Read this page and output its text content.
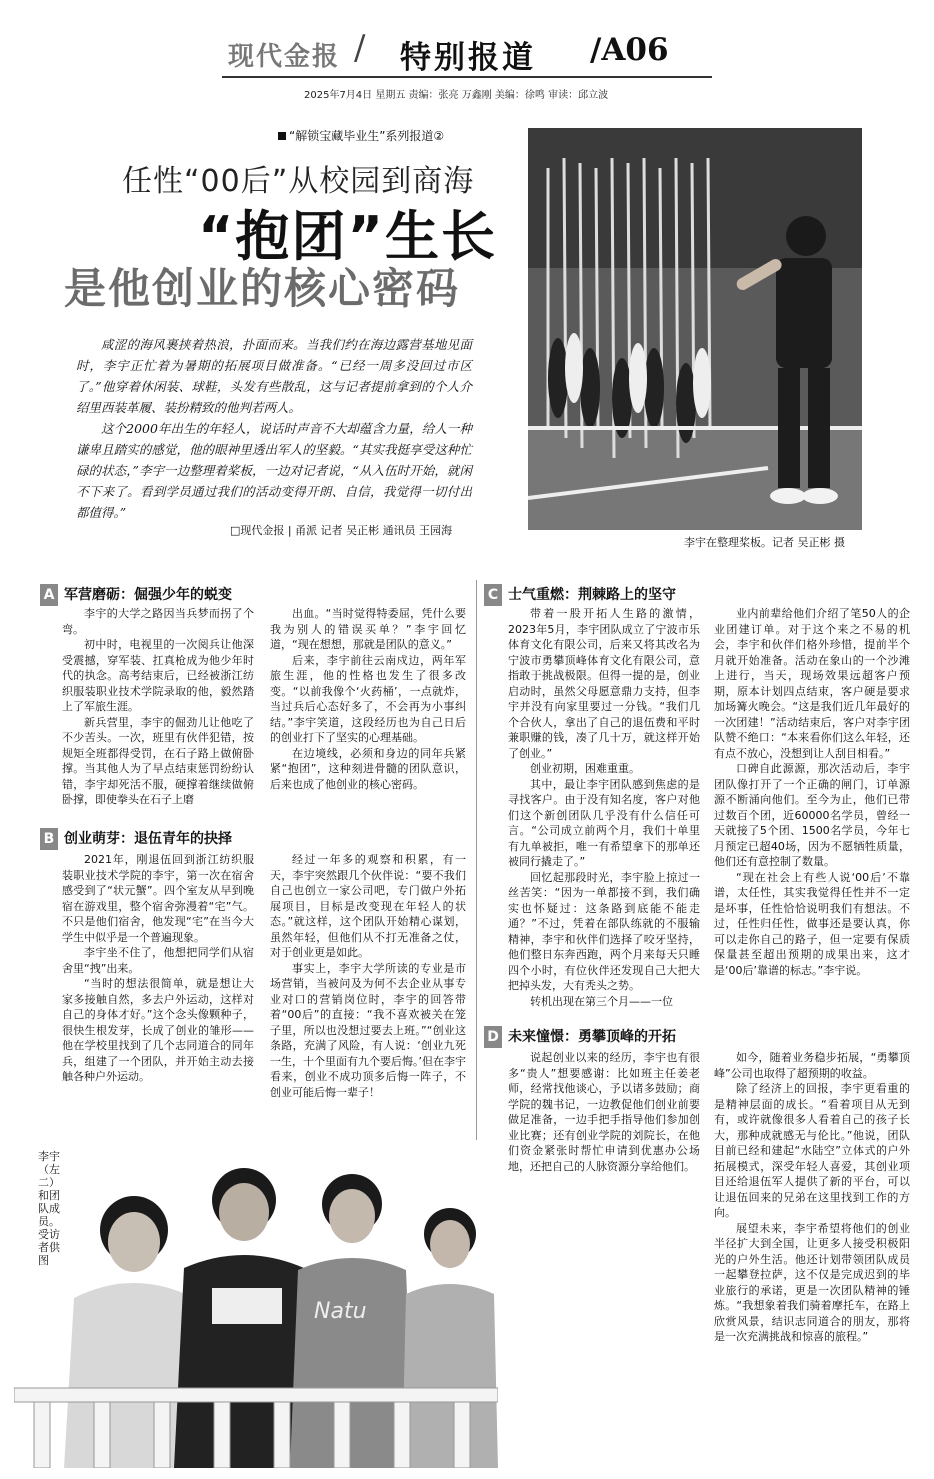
现代金报 / 特别报道 /A06
2025年7月4日 星期五 责编：张亮 万鑫刚 美编：徐鸣 审读：邱立波
“解锁宝藏毕业生”系列报道②
任性“00后”从校园到商海
“抱团”生长
是他创业的核心密码

咸涩的海风裹挟着热浪，扑面而来。当我们约在海边露营基地见面时，李宇正忙着为暑期的拓展项目做准备。“已经一周多没回过市区了。”他穿着休闲装、球鞋，头发有些散乱，这与记者提前拿到的个人介绍里西装革履、装扮精致的他判若两人。

这个2000年出生的年轻人，说话时声音不大却蕴含力量，给人一种谦卑且踏实的感觉，他的眼神里透出军人的坚毅。“其实我挺享受这种忙碌的状态，”李宇一边整理着桨板，一边对记者说，“从入伍时开始，就闲不下来了。看到学员通过我们的活动变得开朗、自信，我觉得一切付出都值得。”

□现代金报 | 甬派 记者 吴正彬 通讯员 王园海
李宇在整理桨板。记者 吴正彬 摄
A 军营磨砺：倔强少年的蜕变

李宇的大学之路因当兵梦而拐了个弯。

初中时，电视里的一次阅兵让他深受震撼，穿军装、扛真枪成为他少年时代的执念。高考结束后，已经被浙江纺织服装职业技术学院录取的他，毅然踏上了军旅生涯。

新兵营里，李宇的倔劲儿让他吃了不少苦头。一次，班里有伙伴犯错，按规矩全班都得受罚，在石子路上做俯卧撑。当其他人为了早点结束惩罚纷纷认错，李宇却死活不服，硬撑着继续做俯卧撑，即使拳头在石子上磨

出血。“当时觉得特委屈，凭什么要我为别人的错误买单？”李宇回忆道，“现在想想，那就是团队的意义。”

后来，李宇前往云南戍边，两年军旅生涯，他的性格也发生了很多改变。“以前我像个‘火药桶’，一点就炸，当过兵后心态好多了，不会再为小事纠结。”李宇笑道，这段经历也为自己日后的创业打下了坚实的心理基础。

在边境线，必须和身边的同年兵紧紧“抱团”，这种刻进骨髓的团队意识，后来也成了他创业的核心密码。

B 创业萌芽：退伍青年的抉择

2021年，刚退伍回到浙江纺织服装职业技术学院的李宇，第一次在宿舍感受到了“状元蟹”。四个室友从早到晚宿在游戏里，整个宿舍弥漫着“宅”气。不只是他们宿舍，他发现“宅”在当今大学生中似乎是一个普遍现象。

李宇坐不住了，他想把同学们从宿舍里“拽”出来。

“当时的想法很简单，就是想让大家多接触自然，多去户外运动，这样对自己的身体才好。”这个念头像颗种子，很快生根发芽，长成了创业的雏形——他在学校里找到了几个志同道合的同年兵，组建了一个团队，并开始主动去接触各种户外运动。

经过一年多的观察和积累，有一天，李宇突然跟几个伙伴说：“要不我们自己也创立一家公司吧，专门做户外拓展项目，目标是改变现在年轻人的状态。”就这样，这个团队开始精心谋划，虽然年轻，但他们从不打无准备之仗，对于创业更是如此。

事实上，李宇大学所读的专业是市场营销，当被问及为何不去企业从事专业对口的营销岗位时，李宇的回答带着“00后”的直接：“我不喜欢被关在笼子里，所以也没想过要去上班。”“创业这条路，充满了风险，有人说：‘创业九死一生，十个里面有九个要后悔。’但在李宇看来，创业不成功顶多后悔一阵子，不创业可能后悔一辈子！

C 士气重燃：荆棘路上的坚守

带着一股开拓人生路的激情，2023年5月，李宇团队成立了宁波市乐体育文化有限公司，后来又将其改名为宁波市勇攀顶峰体育文化有限公司，意指敢于挑战极限。但得一提的是，创业启动时，虽然父母愿意鼎力支持，但李宇并没有向家里要过一分钱。“我们几个合伙人，拿出了自己的退伍费和平时兼职赚的钱，凑了几十万，就这样开始了创业。”

创业初期，困难重重。

其中，最让李宇团队感到焦虑的是寻找客户。由于没有知名度，客户对他们这个新创团队几乎没有什么信任可言。“公司成立前两个月，我们十单里有九单被拒，唯一有希望拿下的那单还被同行撬走了。”

回忆起那段时光，李宇脸上掠过一丝苦笑：“因为一单都接不到，我们确实也怀疑过：这条路到底能不能走通？”不过，凭着在部队练就的不服输精神，李宇和伙伴们选择了咬牙坚持，他们整日东奔西跑，两个月来每天只睡四个小时，有位伙伴还发现自己大把大把掉头发，大有秃头之势。

转机出现在第三个月——一位

业内前辈给他们介绍了笔50人的企业团建订单。对于这个来之不易的机会，李宇和伙伴们格外珍惜，提前半个月就开始准备。活动在象山的一个沙滩上进行，当天，现场效果远超客户预期，原本计划四点结束，客户硬是要求加场篝火晚会。“这是我们近几年最好的一次团建！”活动结束后，客户对李宇团队赞不绝口：“本来看你们这么年轻，还有点不放心，没想到让人刮目相看。”

口碑自此源源，那次活动后，李宇团队像打开了一个正确的闸门，订单源源不断涌向他们。至今为止，他们已带过数百个团，近60000名学员，曾经一天就接了5个团、1500名学员，今年七月预定已超40场，因为不愿牺牲质量，他们还有意控制了数量。

“现在社会上有些人说‘00后’不靠谱，太任性，其实我觉得任性并不一定是坏事，任性恰恰说明我们有想法。不过，任性归任性，做事还是要认真，你可以走你自己的路子，但一定要有保质保量甚至超出预期的成果出来，这才是‘00后’靠谱的标志。”李宇说。

D 未来憧憬：勇攀顶峰的开拓

说起创业以来的经历，李宇也有很多“贵人”想要感谢：比如班主任姜老师，经常找他谈心，予以诸多鼓励；商学院的魏书记，一边教促他们创业前要做足准备，一边手把手指导他们参加创业比赛；还有创业学院的刘院长，在他们资金紧张时帮忙申请到优惠办公场地，还把自己的人脉资源分享给他们。

如今，随着业务稳步拓展，“勇攀顶峰”公司也取得了超预期的收益。

除了经济上的回报，李宇更看重的是精神层面的成长。“看着项目从无到有，或许就像很多人看着自己的孩子长大，那种成就感无与伦比。”他说，团队目前已经和建起“水陆空”立体式的户外拓展模式，深受年轻人喜爱，其创业项目还给退伍军人提供了新的平台，可以让退伍回来的兄弟在这里找到工作的方向。

展望未来，李宇希望将他们的创业半径扩大到全国，让更多人接受积极阳光的户外生活。他还计划带领团队成员一起攀登拉萨，这不仅是完成迟到的毕业旅行的承诺，更是一次团队精神的锤炼。“我想象着我们骑着摩托车，在路上欣赏风景，结识志同道合的朋友，那将是一次充满挑战和惊喜的旅程。”

Natu
李宇（左二）和团队成员。受访者供图
